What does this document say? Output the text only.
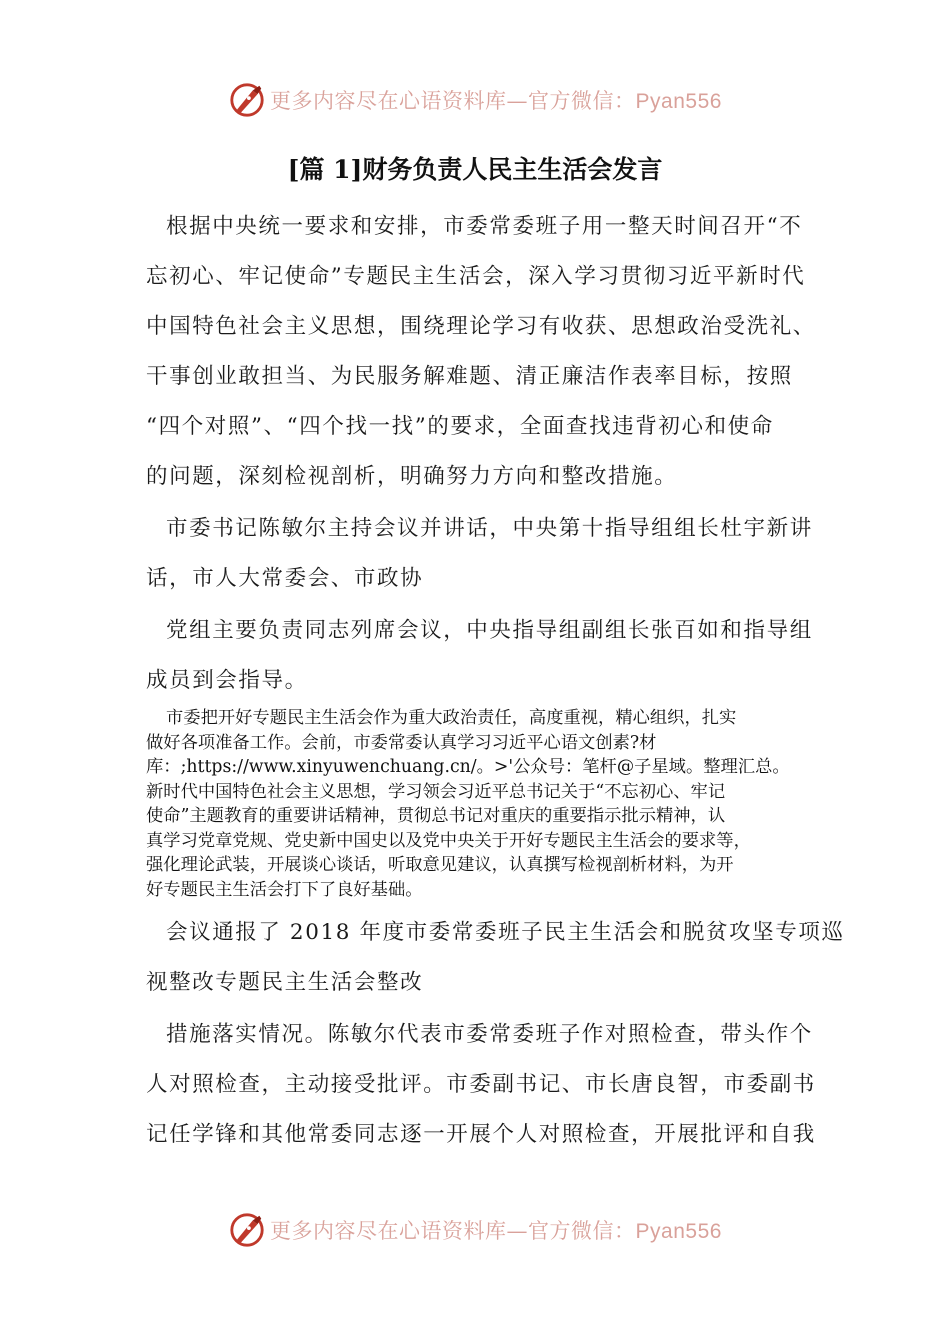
更多内容尽在心语资料库—官方微信：Pyan556
[篇 1]财务负责人民主生活会发言
根据中央统一要求和安排，市委常委班子用一整天时间召开“不
忘初心、牢记使命”专题民主生活会，深入学习贯彻习近平新时代
中国特色社会主义思想，围绕理论学习有收获、思想政治受洗礼、
干事创业敢担当、为民服务解难题、清正廉洁作表率目标，按照
“四个对照”、“四个找一找”的要求，全面查找违背初心和使命
的问题，深刻检视剖析，明确努力方向和整改措施。
市委书记陈敏尔主持会议并讲话，中央第十指导组组长杜宇新讲
话，市人大常委会、市政协
党组主要负责同志列席会议，中央指导组副组长张百如和指导组
成员到会指导。

市委把开好专题民主生活会作为重大政治责任，高度重视，精心组织，扎实

做好各项准备工作。会前，市委常委认真学习习近平心语文创素?材

库：;https://www.xinyuwenchuang.cn/。>'公众号：笔杆@子星域。整理汇总。

新时代中国特色社会主义思想，学习领会习近平总书记关于“不忘初心、牢记

使命”主题教育的重要讲话精神，贯彻总书记对重庆的重要指示批示精神，认

真学习党章党规、党史新中国史以及党中央关于开好专题民主生活会的要求等，

强化理论武装，开展谈心谈话，听取意见建议，认真撰写检视剖析材料，为开

好专题民主生活会打下了良好基础。

会议通报了 2018 年度市委常委班子民主生活会和脱贫攻坚专项巡
视整改专题民主生活会整改
措施落实情况。陈敏尔代表市委常委班子作对照检查，带头作个
人对照检查，主动接受批评。市委副书记、市长唐良智，市委副书
记任学锋和其他常委同志逐一开展个人对照检查，开展批评和自我
更多内容尽在心语资料库—官方微信：Pyan556
